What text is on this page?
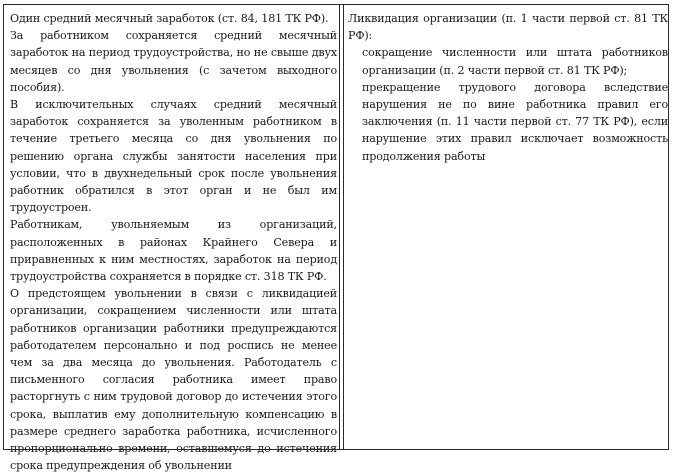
Один средний месячный заработок (ст. 84, 181 ТК РФ).

За работником сохраняется средний месячный заработок на период трудоустройства, но не свыше двух месяцев со дня увольнения (с зачетом выходного пособия).

В исключительных случаях средний месячный заработок сохраняется за уволенным работником в течение третьего месяца со дня увольнения по решению органа службы занятости населения при условии, что в двухнедельный срок после увольнения работник обратился в этот орган и не был им трудоустроен.

Работникам, увольняемым из организаций, расположенных в районах Крайнего Севера и приравненных к ним местностях, заработок на период трудоустройства сохраняется в порядке ст. 318 ТК РФ.

О предстоящем увольнении в связи с ликвидацией организации, сокращением численности или штата работников организации работники предупреждаются работодателем персонально и под роспись не менее чем за два месяца до увольнения. Работодатель с письменного согласия работника имеет право расторгнуть с ним трудовой договор до истечения этого срока, выплатив ему дополнительную компенсацию в размере среднего заработка работника, исчисленного пропорционально времени, оставшемуся до истечения срока предупреждения об увольнении

Ликвидация организации (п. 1 части первой ст. 81 ТК РФ):

сокращение численности или штата работников организации (п. 2 части первой ст. 81 ТК РФ);

прекращение трудового договора вследствие нарушения не по вине работника правил его заключения (п. 11 части первой ст. 77 ТК РФ), если нарушение этих правил исключает возможность продолжения работы
